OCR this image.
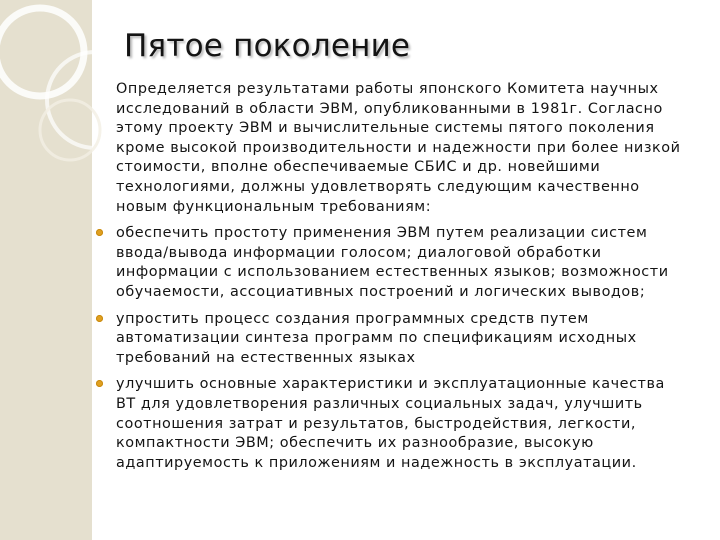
Пятое поколение
Определяется результатами работы японского Комитета научных
исследований в области ЭВМ, опубликованными в 1981г. Согласно
этому проекту ЭВМ и вычислительные системы пятого поколения
кроме высокой производительности и надежности при более низкой
стоимости, вполне обеспечиваемые СБИС и др. новейшими
технологиями, должны удовлетворять следующим качественно
новым функциональным требованиям:
обеспечить простоту применения ЭВМ путем реализации систем
ввода/вывода информации голосом; диалоговой обработки
информации с использованием естественных языков; возможности
обучаемости, ассоциативных построений и логических выводов;
упростить процесс создания программных средств путем
автоматизации синтеза программ по спецификациям исходных
требований на естественных языках
улучшить основные характеристики и эксплуатационные качества
ВТ для удовлетворения различных социальных задач, улучшить
соотношения затрат и результатов, быстродействия, легкости,
компактности ЭВМ; обеспечить их разнообразие, высокую
адаптируемость к приложениям и надежность в эксплуатации.
